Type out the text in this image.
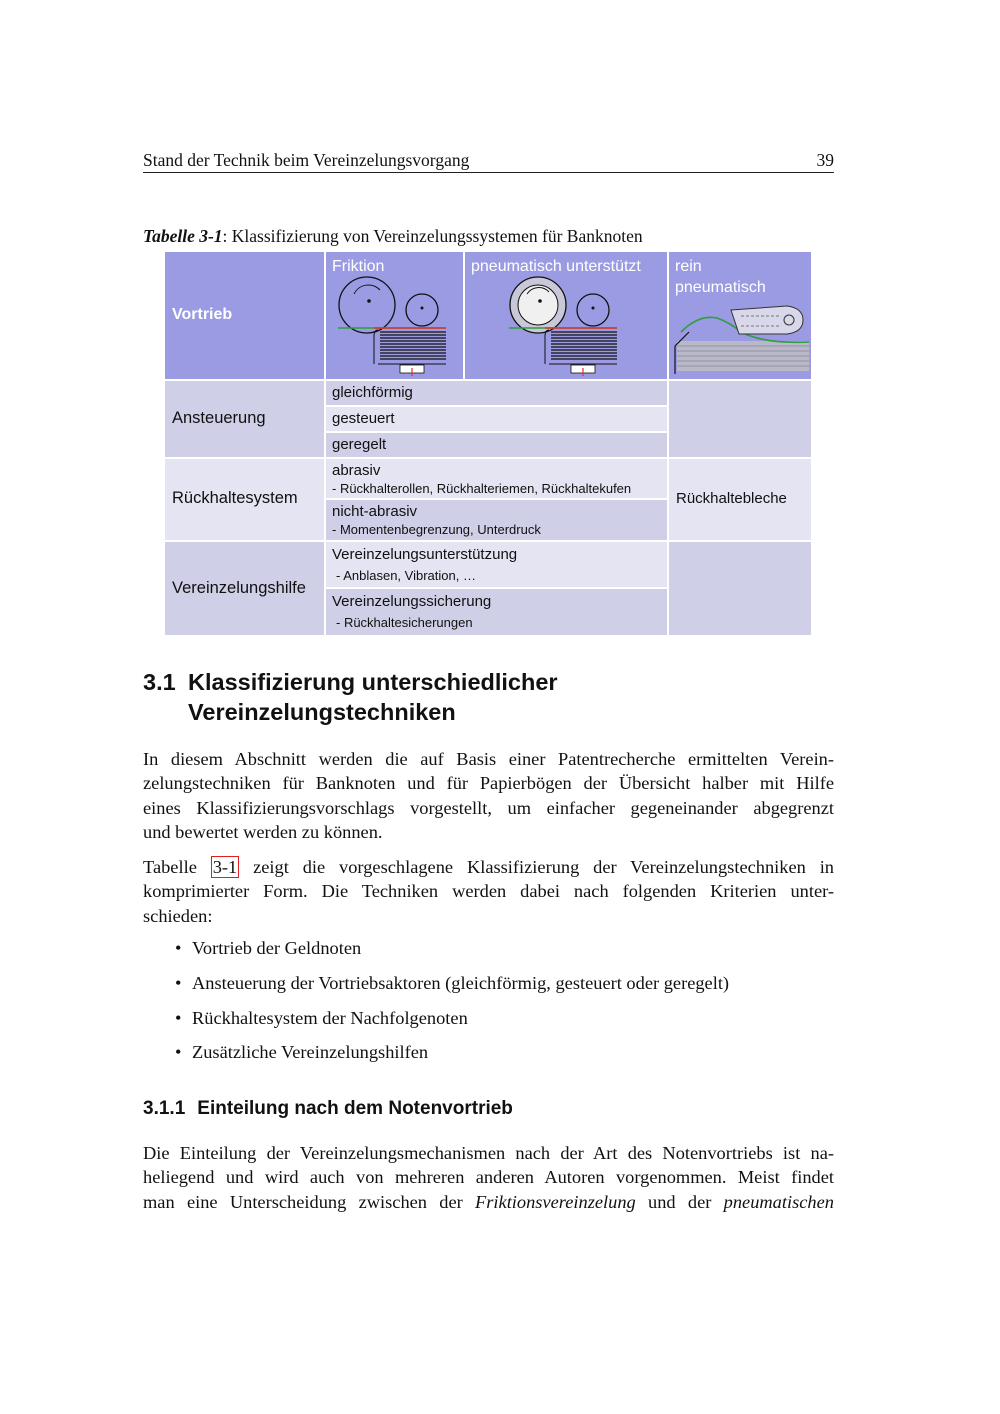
Stand der Technik beim Vereinzelungsvorgang	39
Tabelle 3-1: Klassifizierung von Vereinzelungssystemen für Banknoten
Vortrieb
Friktion	pneumatisch unterstützt rein
pneumatisch
Ansteuerung
gleichförmig
gesteuert
geregelt
Rückhaltesystem
abrasiv
- Rückhalterollen, Rückhalteriemen, Rückhaltekufen
nicht-abrasiv
- Momentenbegrenzung, Unterdruck
Rückhaltebleche
Vereinzelungshilfe
Vereinzelungsunterstützung
- Anblasen, Vibration, …
Vereinzelungssicherung
- Rückhaltesicherungen
3.1 Klassifizierung unterschiedlicher
Vereinzelungstechniken
In diesem Abschnitt werden die auf Basis einer Patentrecherche ermittelten Verein-
zelungstechniken für Banknoten und für Papierbögen der Übersicht halber mit Hilfe
eines Klassifizierungsvorschlags vorgestellt, um einfacher gegeneinander abgegrenzt
und bewertet werden zu können.
Tabelle 3-1 zeigt die vorgeschlagene Klassifizierung der Vereinzelungstechniken in
komprimierter Form. Die Techniken werden dabei nach folgenden Kriterien unter-
schieden:
• Vortrieb der Geldnoten
• Ansteuerung der Vortriebsaktoren (gleichförmig, gesteuert oder geregelt)
• Rückhaltesystem der Nachfolgenoten
• Zusätzliche Vereinzelungshilfen
3.1.1 Einteilung nach dem Notenvortrieb
Die Einteilung der Vereinzelungsmechanismen nach der Art des Notenvortriebs ist na-
heliegend und wird auch von mehreren anderen Autoren vorgenommen. Meist findet
man eine Unterscheidung zwischen der Friktionsvereinzelung und der pneumatischen
